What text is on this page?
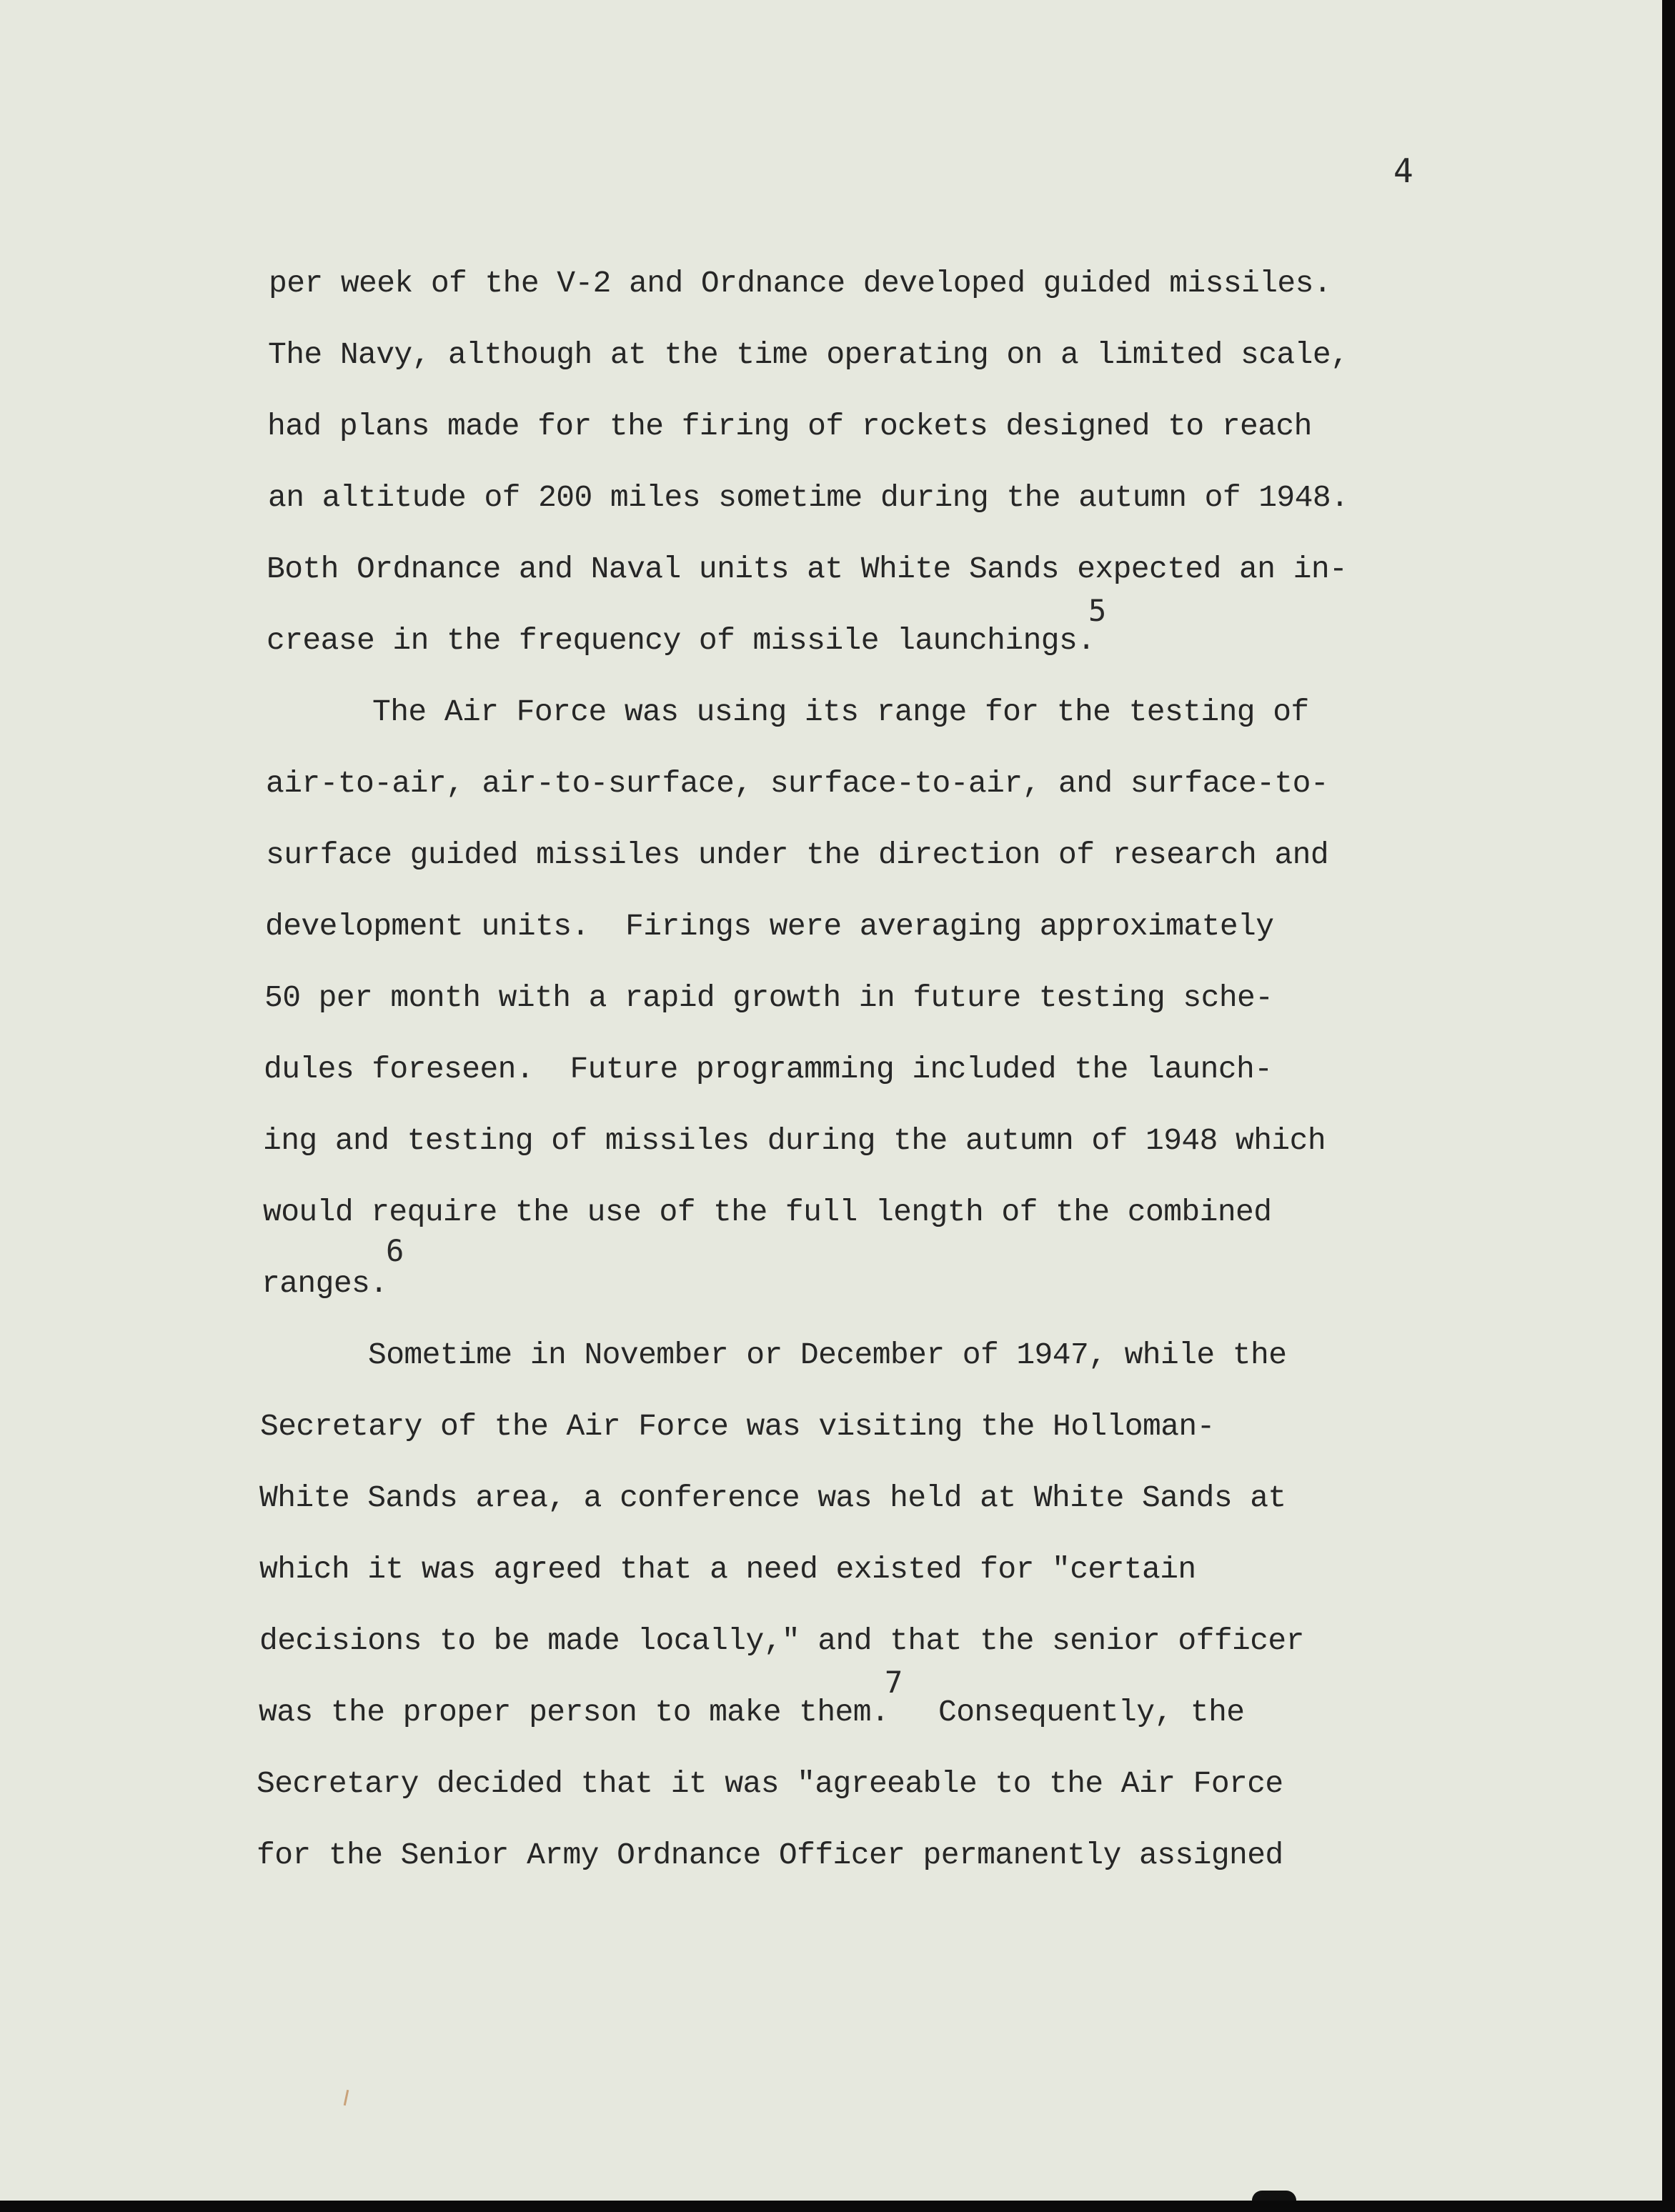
4
per week of the V-2 and Ordnance developed guided missiles.
The Navy, although at the time operating on a limited scale,
had plans made for the firing of rockets designed to reach
an altitude of 200 miles sometime during the autumn of 1948.
Both Ordnance and Naval units at White Sands expected an in-
crease in the frequency of missile launchings.
5
The Air Force was using its range for the testing of
air-to-air, air-to-surface, surface-to-air, and surface-to-
surface guided missiles under the direction of research and
development units.  Firings were averaging approximately
50 per month with a rapid growth in future testing sche-
dules foreseen.  Future programming included the launch-
ing and testing of missiles during the autumn of 1948 which
would require the use of the full length of the combined
ranges.
6
Sometime in November or December of 1947, while the
Secretary of the Air Force was visiting the Holloman-
White Sands area, a conference was held at White Sands at
which it was agreed that a need existed for "certain
decisions to be made locally," and that the senior officer
was the proper person to make them.
7
Consequently, the
Secretary decided that it was "agreeable to the Air Force
for the Senior Army Ordnance Officer permanently assigned
